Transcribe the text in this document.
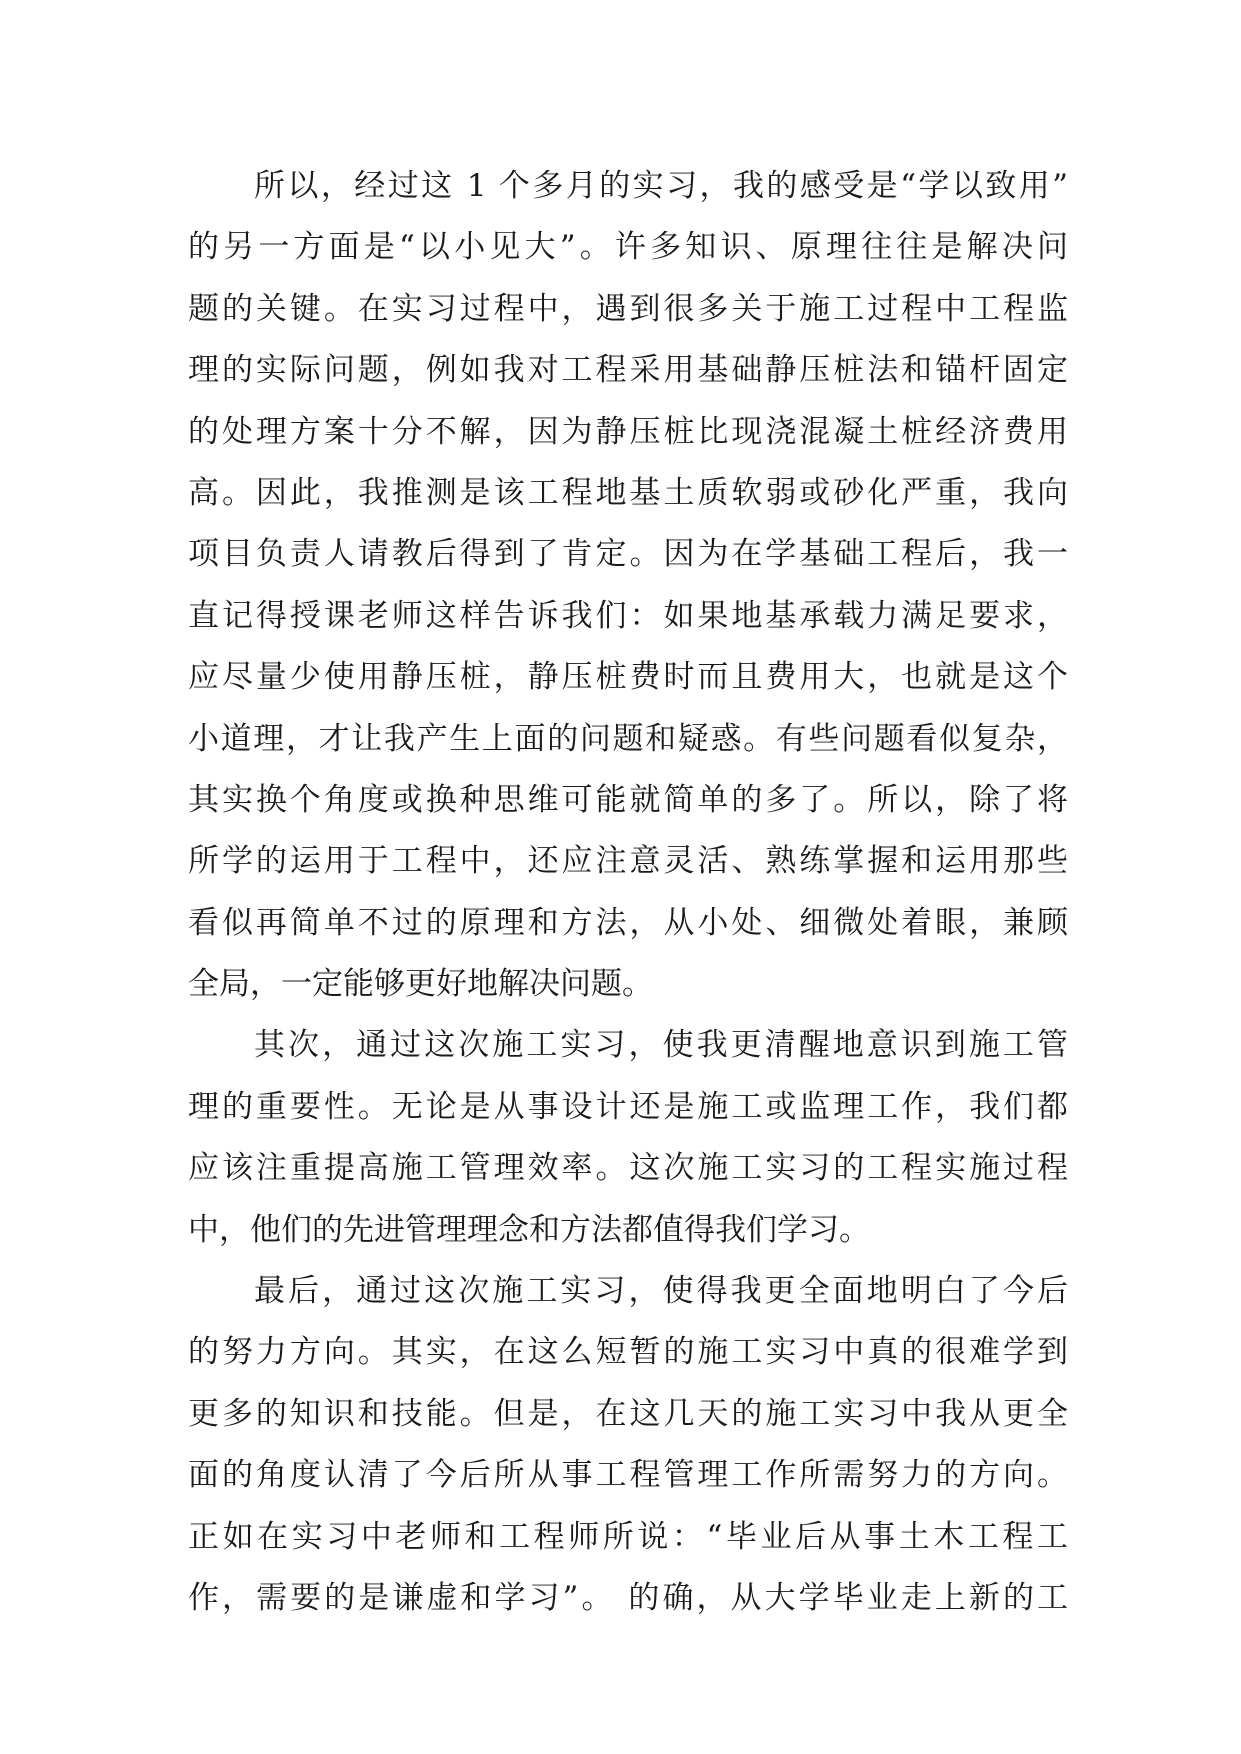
所以，经过这 1 个多月的实习，我的感受是“学以致用”
的另一方面是“以小见大”。许多知识、原理往往是解决问
题的关键。在实习过程中，遇到很多关于施工过程中工程监
理的实际问题，例如我对工程采用基础静压桩法和锚杆固定
的处理方案十分不解，因为静压桩比现浇混凝土桩经济费用
高。因此，我推测是该工程地基土质软弱或砂化严重，我向
项目负责人请教后得到了肯定。因为在学基础工程后，我一
直记得授课老师这样告诉我们：如果地基承载力满足要求，
应尽量少使用静压桩，静压桩费时而且费用大，也就是这个
小道理，才让我产生上面的问题和疑惑。有些问题看似复杂，
其实换个角度或换种思维可能就简单的多了。所以，除了将
所学的运用于工程中，还应注意灵活、熟练掌握和运用那些
看似再简单不过的原理和方法，从小处、细微处着眼，兼顾
全局，一定能够更好地解决问题。
其次，通过这次施工实习，使我更清醒地意识到施工管
理的重要性。无论是从事设计还是施工或监理工作，我们都
应该注重提高施工管理效率。这次施工实习的工程实施过程
中，他们的先进管理理念和方法都值得我们学习。
最后，通过这次施工实习，使得我更全面地明白了今后
的努力方向。其实，在这么短暂的施工实习中真的很难学到
更多的知识和技能。但是，在这几天的施工实习中我从更全
面的角度认清了今后所从事工程管理工作所需努力的方向。
正如在实习中老师和工程师所说：“毕业后从事土木工程工
作，需要的是谦虚和学习”。 的确，从大学毕业走上新的工
